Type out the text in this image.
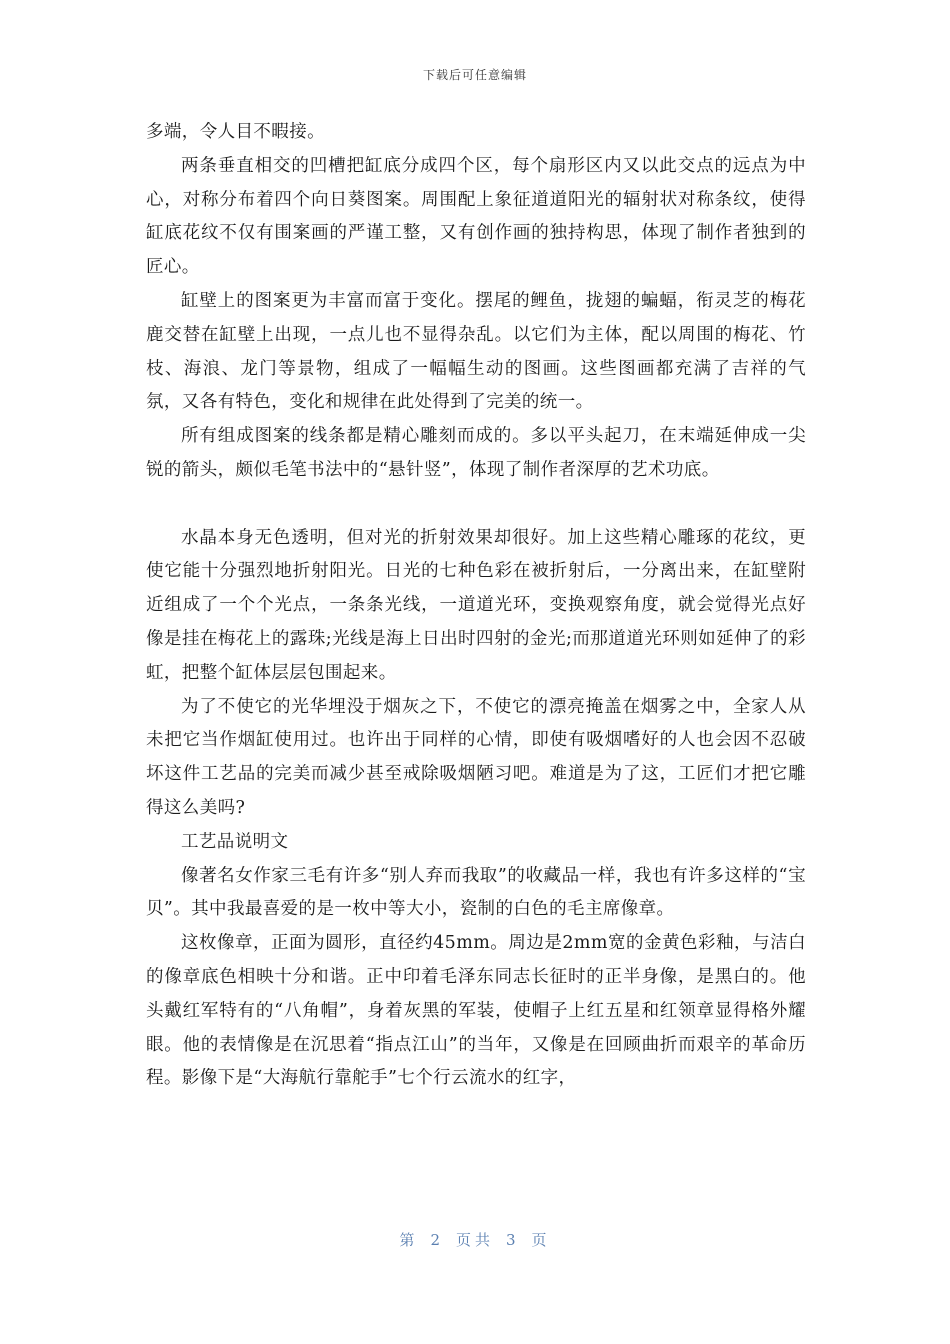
下载后可任意编辑

多端，令人目不暇接。

两条垂直相交的凹槽把缸底分成四个区，每个扇形区内又以此交点的远点为中心，对称分布着四个向日葵图案。周围配上象征道道阳光的辐射状对称条纹，使得缸底花纹不仅有围案画的严谨工整，又有创作画的独持构思，体现了制作者独到的匠心。

缸壁上的图案更为丰富而富于变化。摆尾的鲤鱼，拢翅的蝙蝠，衔灵芝的梅花鹿交替在缸壁上出现，一点儿也不显得杂乱。以它们为主体，配以周围的梅花、竹枝、海浪、龙门等景物，组成了一幅幅生动的图画。这些图画都充满了吉祥的气氛，又各有特色，变化和规律在此处得到了完美的统一。

所有组成图案的线条都是精心雕刻而成的。多以平头起刀，在末端延伸成一尖锐的箭头，颇似毛笔书法中的“悬针竖”，体现了制作者深厚的艺术功底。

水晶本身无色透明，但对光的折射效果却很好。加上这些精心雕琢的花纹，更使它能十分强烈地折射阳光。日光的七种色彩在被折射后，一分离出来，在缸壁附近组成了一个个光点，一条条光线，一道道光环，变换观察角度，就会觉得光点好像是挂在梅花上的露珠;光线是海上日出时四射的金光;而那道道光环则如延伸了的彩虹，把整个缸体层层包围起来。

为了不使它的光华埋没于烟灰之下，不使它的漂亮掩盖在烟雾之中，全家人从未把它当作烟缸使用过。也许出于同样的心情，即使有吸烟嗜好的人也会因不忍破坏这件工艺品的完美而减少甚至戒除吸烟陋习吧。难道是为了这，工匠们才把它雕得这么美吗?

工艺品说明文

像著名女作家三毛有许多“别人弃而我取”的收藏品一样，我也有许多这样的“宝贝”。其中我最喜爱的是一枚中等大小，瓷制的白色的毛主席像章。

这枚像章，正面为圆形，直径约45mm。周边是2mm宽的金黄色彩釉，与洁白的像章底色相映十分和谐。正中印着毛泽东同志长征时的正半身像，是黑白的。他头戴红军特有的“八角帽”，身着灰黑的军装，使帽子上红五星和红领章显得格外耀眼。他的表情像是在沉思着“指点江山”的当年，又像是在回顾曲折而艰辛的革命历程。影像下是“大海航行靠舵手”七个行云流水的红字，

第 2 页共 3 页
